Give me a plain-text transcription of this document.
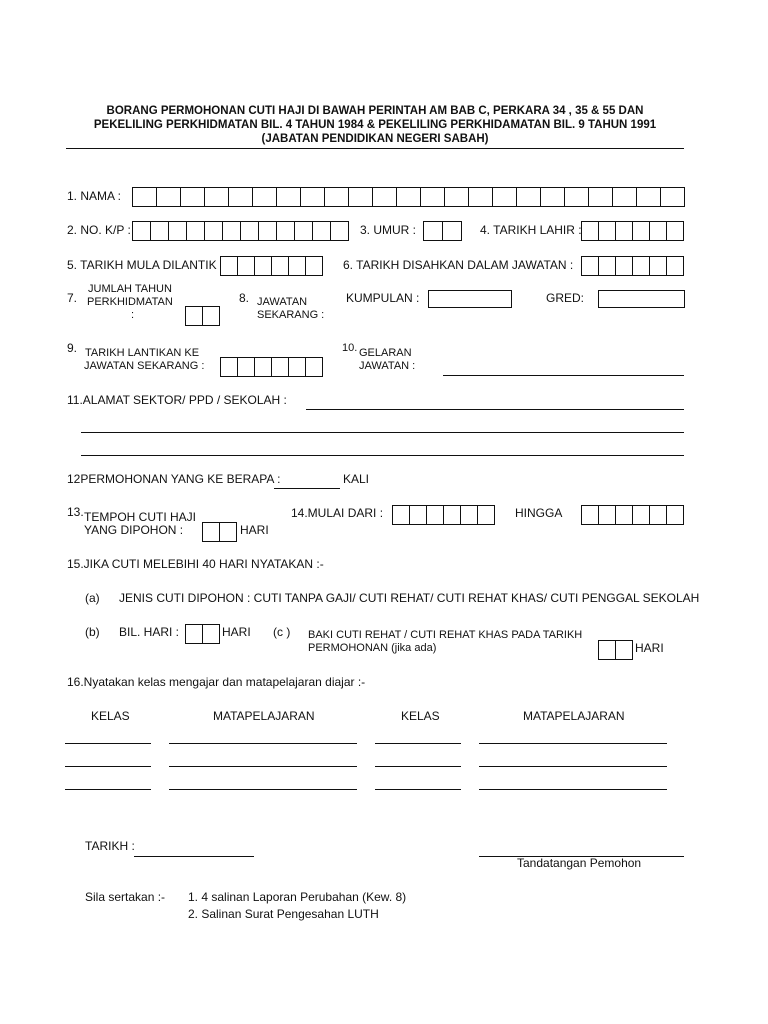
BORANG PERMOHONAN CUTI HAJI DI BAWAH PERINTAH AM BAB C, PERKARA 34 , 35 & 55 DAN
PEKELILING PERKHIDMATAN BIL. 4 TAHUN 1984 & PEKELILING PERKHIDAMATAN BIL. 9 TAHUN 1991
(JABATAN PENDIDIKAN NEGERI SABAH)
1. NAMA :
2. NO. K/P :	3. UMUR :	4. TARIKH LAHIR :
5. TARIKH MULA DILANTIK	6. TARIKH DISAHKAN DALAM JAWATAN :
7.
JUMLAH TAHUN
PERKHIDMATAN
:
8. JAWATAN
SEKARANG :
KUMPULAN :	GRED:
9. TARIKH LANTIKAN KE
JAWATAN SEKARANG :
10. GELARAN
JAWATAN :
11.ALAMAT SEKTOR/ PPD / SEKOLAH :
12PERMOHONAN YANG KE BERAPA :	KALI
13. TEMPOH CUTI HAJI
YANG DIPOHON :	HARI
14.MULAI DARI :	HINGGA
15.JIKA CUTI MELEBIHI 40 HARI NYATAKAN :-
(a) JENIS CUTI DIPOHON : CUTI TANPA GAJI/ CUTI REHAT/ CUTI REHAT KHAS/ CUTI PENGGAL SEKOLAH
(b) BIL. HARI :	HARI (c ) BAKI CUTI REHAT / CUTI REHAT KHAS PADA TARIKH
PERMOHONAN (jika ada)	HARI
16.Nyatakan kelas mengajar dan matapelajaran diajar :-
KELAS	MATAPELAJARAN	KELAS	MATAPELAJARAN
TARIKH :
Tandatangan Pemohon
Sila sertakan :- 1. 4 salinan Laporan Perubahan (Kew. 8)
2. Salinan Surat Pengesahan LUTH
